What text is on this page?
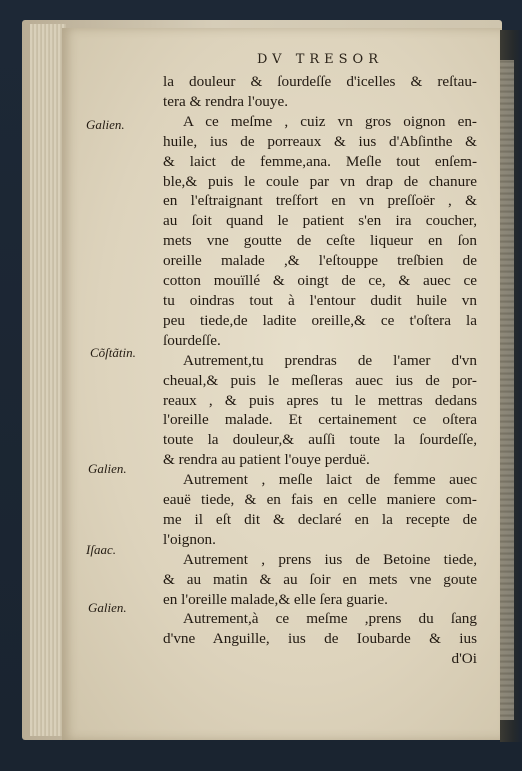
DV TRESOR
Galien.
Cõſtãtin.
Galien.
Iſaac.
Galien.

la douleur & ſourdeſſe d'icelles & reſtau-

tera & rendra l'ouye.

A ce meſme , cuiz vn gros oignon en-

huile, ius de porreaux & ius d'Abſinthe &

& laict de femme,ana. Meſle tout enſem-

ble,& puis le coule par vn drap de chanure

en l'eſtraignant treſfort en vn preſſoër , &

au ſoit quand le patient s'en ira coucher,

mets vne goutte de ceſte liqueur en ſon

oreille malade ,& l'eſtouppe treſbien de

cotton mouïllé & oingt de ce, & auec ce

tu oindras tout à l'entour dudit huile vn

peu tiede,de ladite oreille,& ce t'oſtera la

ſourdeſſe.

Autrement,tu prendras de l'amer d'vn

cheual,& puis le meſleras auec ius de por-

reaux , & puis apres tu le mettras dedans

l'oreille malade. Et certainement ce oſtera

toute la douleur,& auſſi toute la ſourdeſſe,

& rendra au patient l'ouye perduë.

Autrement , meſle laict de femme auec

eauë tiede, & en fais en celle maniere com-

me il eſt dit & declaré en la recepte de

l'oignon.

Autrement , prens ius de Betoine tiede,

& au matin & au ſoir en mets vne goute

en l'oreille malade,& elle ſera guarie.

Autrement,à ce meſme ,prens du ſang

d'vne Anguille, ius de Ioubarde & ius

d'Oi
